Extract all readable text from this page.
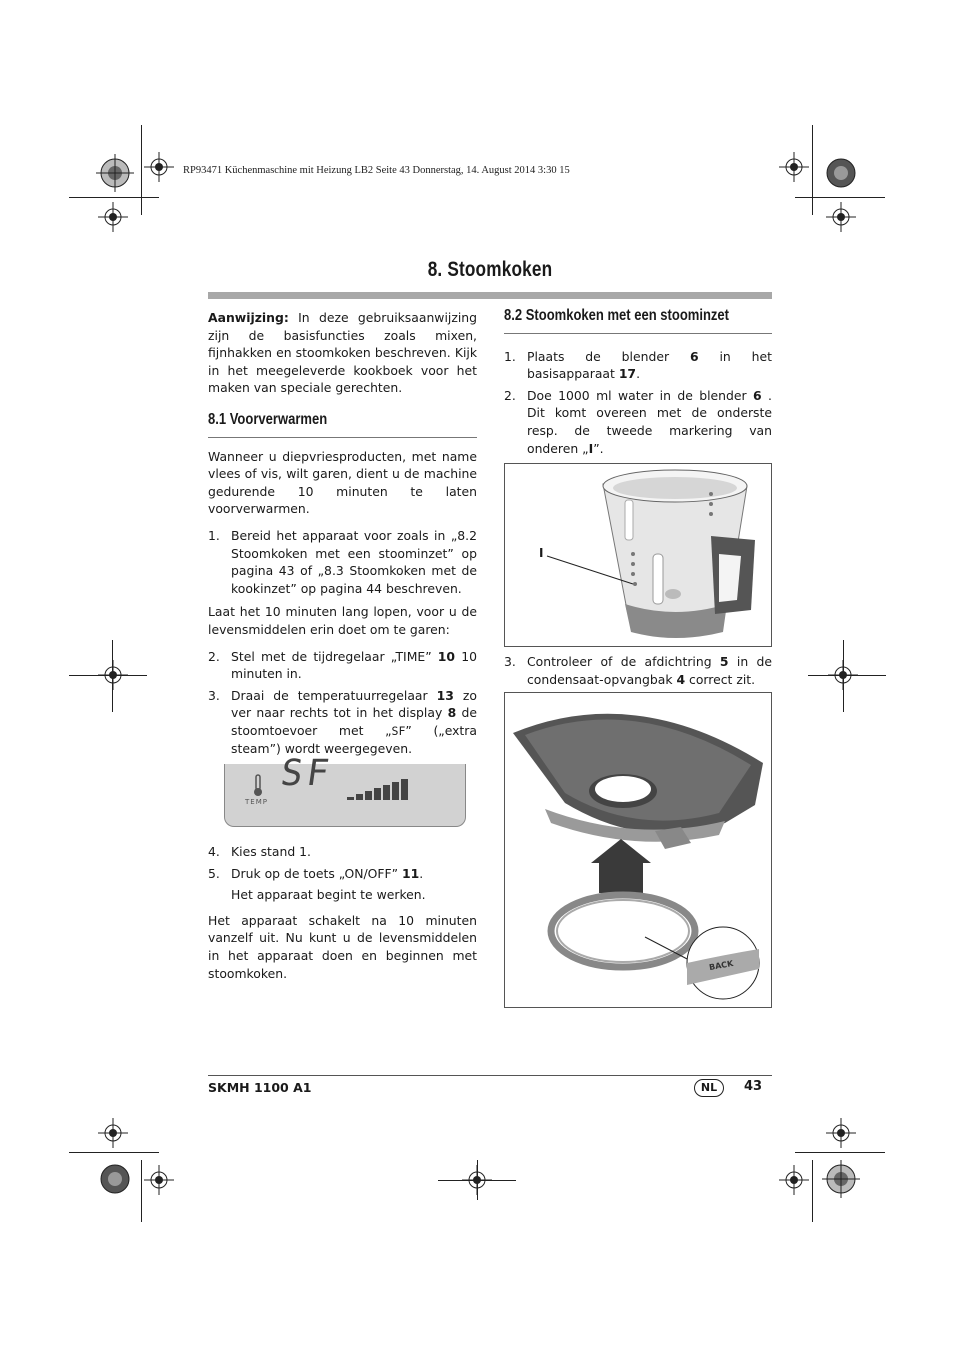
RP93471 Küchenmaschine mit Heizung LB2 Seite 43 Donnerstag, 14. August 2014 3:30 15
8. Stoomkoken

Aanwijzing: In deze gebruiksaanwijzing zijn de basisfuncties zoals mixen, fijnhakken en stoomkoken beschreven. Kijk in het meegeleverde kookboek voor het maken van speciale gerechten.

8.1 Voorverwarmen

Wanneer u diepvriesproducten, met name vlees of vis, wilt garen, dient u de machine gedurende 10 minuten te laten voorverwarmen.

1. Bereid het apparaat voor zoals in „8.2 Stoomkoken met een stoominzet” op pagina 43 of „8.3 Stoomkoken met de kookinzet” op pagina 44 beschreven.

Laat het 10 minuten lang lopen, voor u de levensmiddelen erin doet om te garen:

2. Stel met de tijdregelaar „TIME” 10 10 minuten in.
3. Draai de temperatuurregelaar 13 zo ver naar rechts tot in het display 8 de stoomtoevoer met „SF” („extra steam”) wordt weergegeven.
TEMP
SF
4. Kies stand 1.
5. Druk op de toets „ON/OFF” 11.

Het apparaat begint te werken.

Het apparaat schakelt na 10 minuten vanzelf uit. Nu kunt u de levensmiddelen in het apparaat doen en beginnen met stoomkoken.

8.2 Stoomkoken met een stoominzet
1. Plaats de blender 6 in het basisapparaat 17.
2. Doe 1000 ml water in de blender 6 . Dit komt overeen met de onderste resp. de tweede markering van onderen „I”.
I
3. Controleer of de afdichtring 5 in de condensaat-opvangbak 4 correct zit.
BACK
SKMH 1100 A1	NL	43
